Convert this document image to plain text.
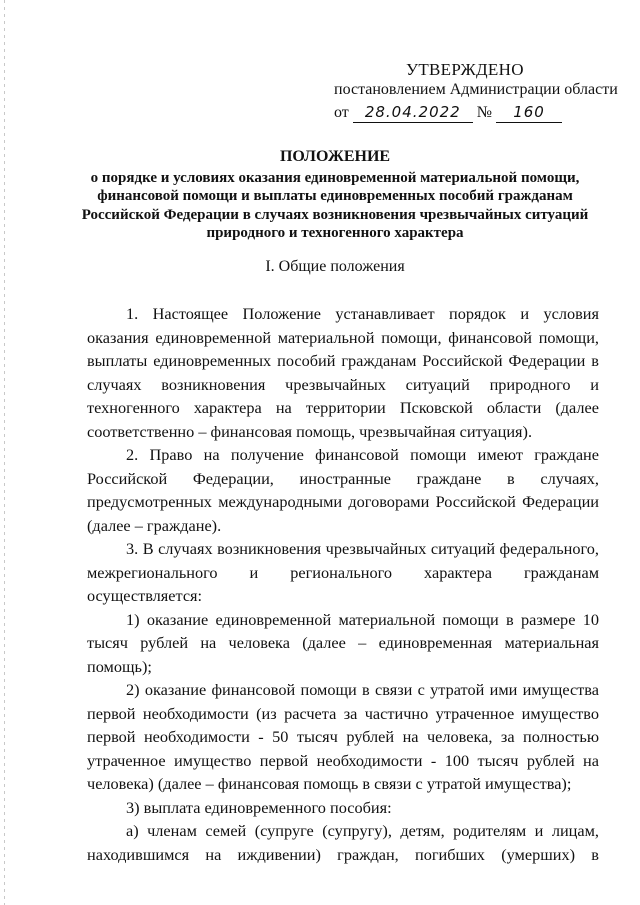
УТВЕРЖДЕНО
постановлением Администрации области
от 28.04.2022 № 160
ПОЛОЖЕНИЕ
о порядке и условиях оказания единовременной материальной помощи,
финансовой помощи и выплаты единовременных пособий гражданам
Российской Федерации в случаях возникновения чрезвычайных ситуаций
природного и техногенного характера
I. Общие положения

1. Настоящее Положение устанавливает порядок и условия оказания единовременной материальной помощи, финансовой помощи, выплаты единовременных пособий гражданам Российской Федерации в случаях возникновения чрезвычайных ситуаций природного и техногенного характера на территории Псковской области (далее соответственно – финансовая помощь, чрезвычайная ситуация).

2. Право на получение финансовой помощи имеют граждане Российской Федерации, иностранные граждане в случаях, предусмотренных международными договорами Российской Федерации (далее – граждане).

3. В случаях возникновения чрезвычайных ситуаций федерального, межрегионального и регионального характера гражданам осуществляется:

1) оказание единовременной материальной помощи в размере 10 тысяч рублей на человека (далее – единовременная материальная помощь);

2) оказание финансовой помощи в связи с утратой ими имущества первой необходимости (из расчета за частично утраченное имущество первой необходимости - 50 тысяч рублей на человека, за полностью утраченное имущество первой необходимости - 100 тысяч рублей на человека) (далее – финансовая помощь в связи с утратой имущества);

3) выплата единовременного пособия:

а) членам семей (супруге (супругу), детям, родителям и лицам, находившимся на иждивении) граждан, погибших (умерших) в
